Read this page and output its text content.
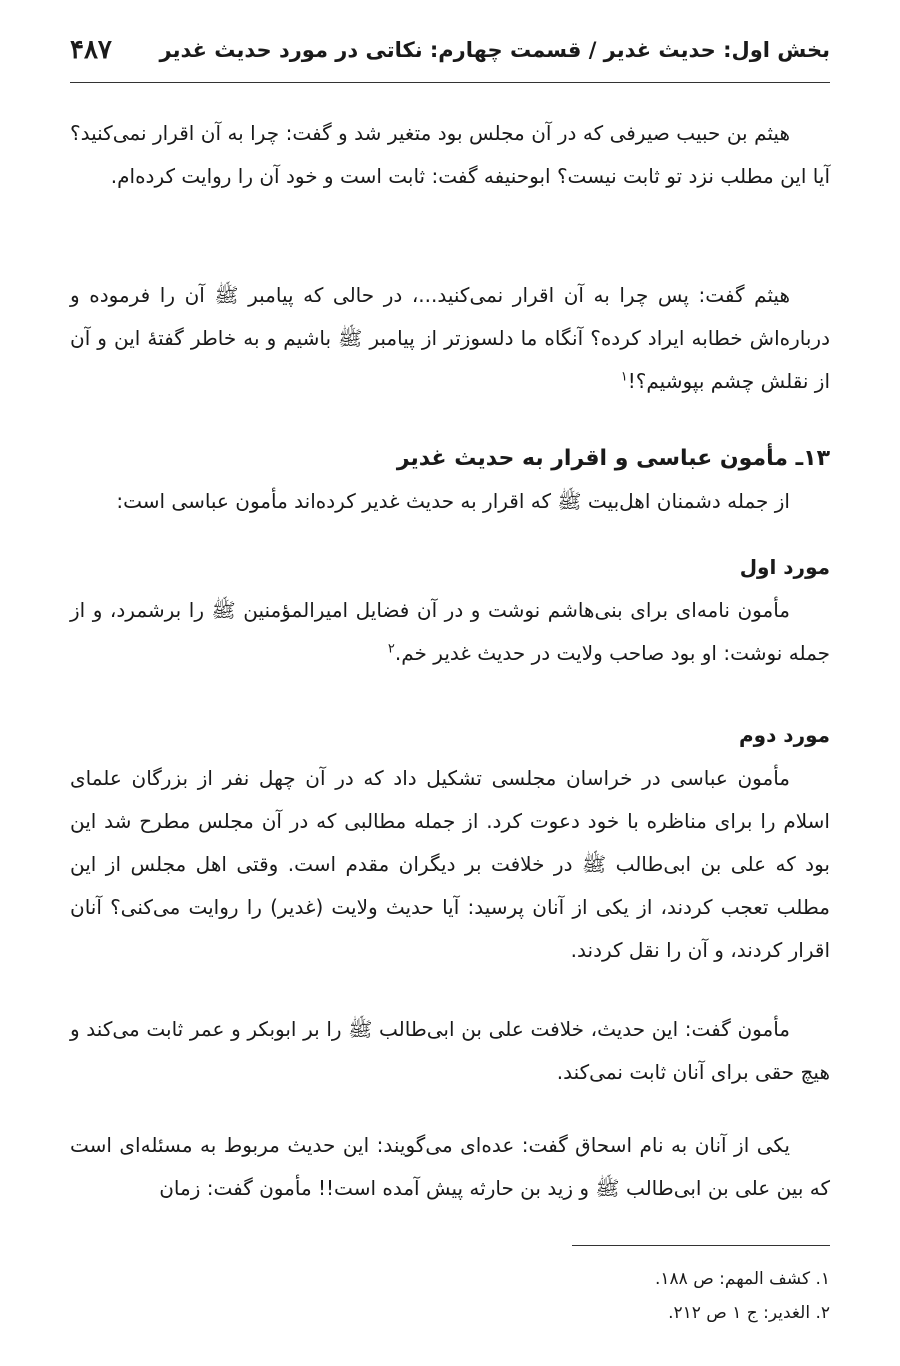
بخش اول: حدیث غدیر / قسمت چهارم: نکاتی در مورد حدیث غدیر
۴۸۷

هیثم بن حبیب صیرفی که در آن مجلس بود متغیر شد و گفت: چرا به آن اقرار نمی‌کنید؟ آیا این مطلب نزد تو ثابت نیست؟ ابوحنیفه گفت: ثابت است و خود آن را روایت کرده‌ام.

هیثم گفت: پس چرا به آن اقرار نمی‌کنید...، در حالی که پیامبر ﷺ آن را فرموده و درباره‌اش خطابه ایراد کرده؟ آنگاه ما دلسوزتر از پیامبر ﷺ باشیم و به خاطر گفتهٔ این و آن از نقلش چشم بپوشیم؟!$^۱$

۱۳ـ مأمون عباسی و اقرار به حدیث غدیر

از جمله دشمنان اهل‌بیت ﷺ که اقرار به حدیث غدیر کرده‌اند مأمون عباسی است:

مورد اول

مأمون نامه‌ای برای بنی‌هاشم نوشت و در آن فضایل امیرالمؤمنین ﷺ را برشمرد، و از جمله نوشت: او بود صاحب ولایت در حدیث غدیر خم.$^۲$

مورد دوم

مأمون عباسی در خراسان مجلسی تشکیل داد که در آن چهل نفر از بزرگان علمای اسلام را برای مناظره با خود دعوت کرد. از جمله مطالبی که در آن مجلس مطرح شد این بود که علی بن ابی‌طالب ﷺ در خلافت بر دیگران مقدم است. وقتی اهل مجلس از این مطلب تعجب کردند، از یکی از آنان پرسید: آیا حدیث ولایت (غدیر) را روایت می‌کنی؟ آنان اقرار کردند، و آن را نقل کردند.

مأمون گفت: این حدیث، خلافت علی بن ابی‌طالب ﷺ را بر ابوبکر و عمر ثابت می‌کند و هیچ حقی برای آنان ثابت نمی‌کند.

یکی از آنان به نام اسحاق گفت: عده‌ای می‌گویند: این حدیث مربوط به مسئله‌ای است که بین علی بن ابی‌طالب ﷺ و زید بن حارثه پیش آمده است!! مأمون گفت: زمان

۱. کشف المهم: ص ۱۸۸.

۲. الغدیر: ج ۱ ص ۲۱۲.
